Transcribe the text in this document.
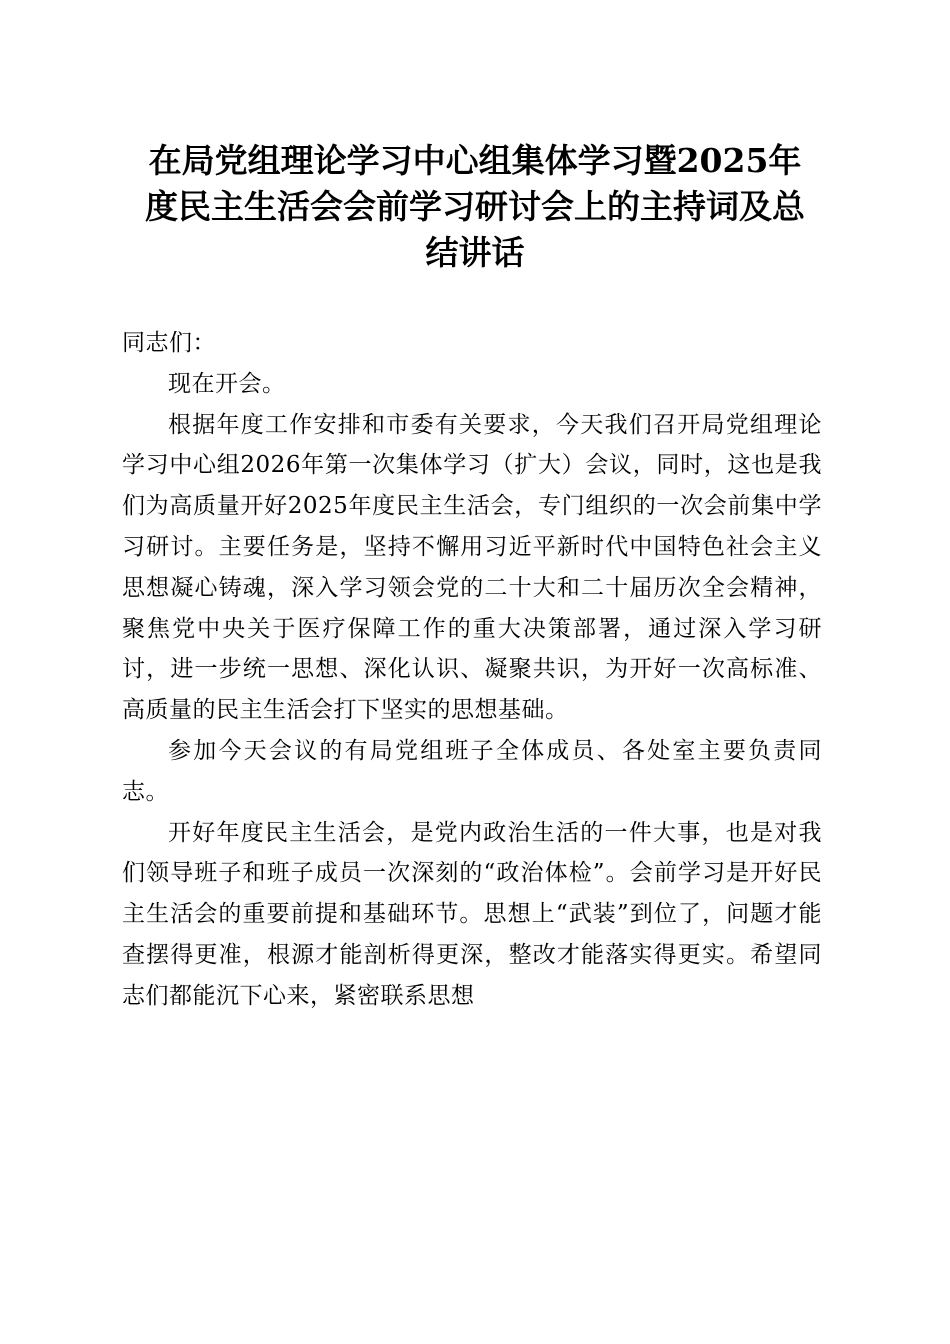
在局党组理论学习中心组集体学习暨2025年
度民主生活会会前学习研讨会上的主持词及总
结讲话

同志们：

现在开会。

根据年度工作安排和市委有关要求，今天我们召开局党组理论学习中心组2026年第一次集体学习（扩大）会议，同时，这也是我们为高质量开好2025年度民主生活会，专门组织的一次会前集中学习研讨。主要任务是，坚持不懈用习近平新时代中国特色社会主义思想凝心铸魂，深入学习领会党的二十大和二十届历次全会精神，聚焦党中央关于医疗保障工作的重大决策部署，通过深入学习研讨，进一步统一思想、深化认识、凝聚共识，为开好一次高标准、高质量的民主生活会打下坚实的思想基础。

参加今天会议的有局党组班子全体成员、各处室主要负责同志。

开好年度民主生活会，是党内政治生活的一件大事，也是对我们领导班子和班子成员一次深刻的“政治体检”。会前学习是开好民主生活会的重要前提和基础环节。思想上“武装”到位了，问题才能查摆得更准，根源才能剖析得更深，整改才能落实得更实。希望同志们都能沉下心来，紧密联系思想
